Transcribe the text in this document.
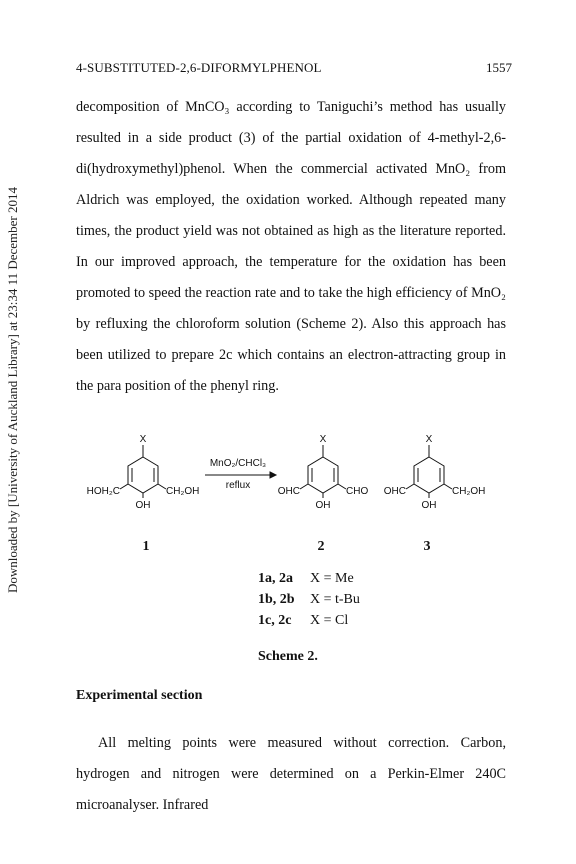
Downloaded by [University of Auckland Library] at 23:34 11 December 2014
4-SUBSTITUTED-2,6-DIFORMYLPHENOL	1557
decomposition of MnCO₃ according to Taniguchi’s method has usually resulted in a side product (3) of the partial oxidation of 4-methyl-2,6-di(hydroxymethyl)phenol. When the commercial activated MnO₂ from Aldrich was employed, the oxidation worked. Although repeated many times, the product yield was not obtained as high as the literature reported. In our improved approach, the temperature for the oxidation has been promoted to speed the reaction rate and to take the high efficiency of MnO₂ by refluxing the chloroform solution (Scheme 2). Also this approach has been utilized to prepare 2c which contains an electron-attracting group in the para position of the phenyl ring.
X
HOH₂C	CH₂OH
OH
MnO₂/CHCl₃
reflux
X
OHC	CHO
OH
X
OHC	CH₂OH
OH
1	2	3
1a, 2a X = Me
1b, 2b X = t-Bu
1c, 2c X = Cl
Scheme 2.
Experimental section
All melting points were measured without correction. Carbon, hydrogen and nitrogen were determined on a Perkin-Elmer 240C microanalyser. Infrared
